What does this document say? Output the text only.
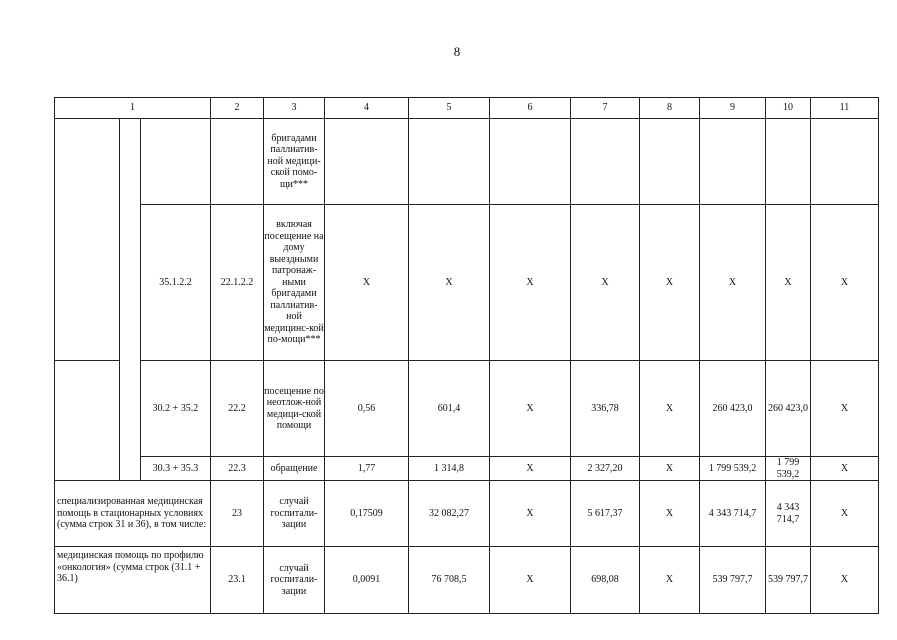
8
1			2	3	4	5	6	7	8	9	10	11
				бригадами паллиатив-ной медици-ской помо-щи***								
		35.1.2.2	22.1.2.2	включая посещение на дому выездными патронаж-ными бригадами паллиатив-ной медицинс-кой по-мощи***	X	X	X	X	X	X	X	X
		30.2 + 35.2	22.2	посещение по неотлож-ной медици-ской помощи	0,56	601,4	X	336,78	X	260 423,0	260 423,0	X
		30.3 + 35.3	22.3	обращение	1,77	1 314,8	X	2 327,20	X	1 799 539,2	1 799 539,2	X
специализированная медицинская помощь в стационарных условиях (сумма строк 31 и 36), в том числе:			23	случай госпитали-зации	0,17509	32 082,27	X	5 617,37	X	4 343 714,7	4 343 714,7	X
медицинская помощь по профилю «онкология» (сумма строк (31.1 + 36.1)			23.1	случай госпитали-зации	0,0091	76 708,5	X	698,08	X	539 797,7	539 797,7	X
